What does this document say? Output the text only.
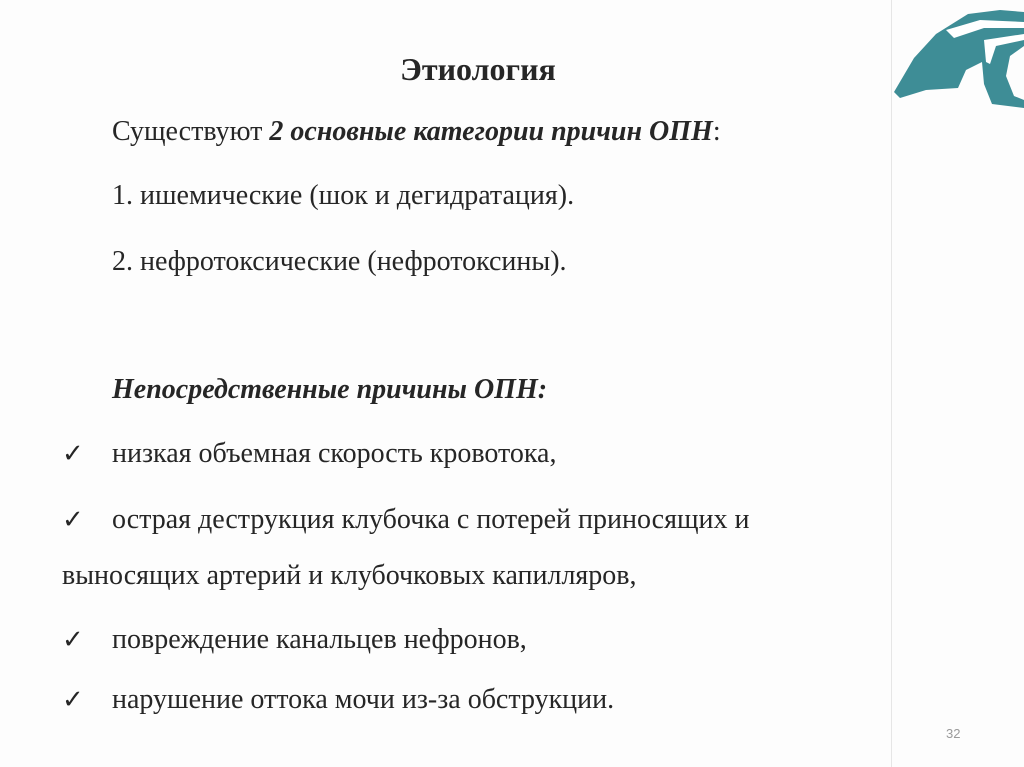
Этиология

Существуют 2 основные категории причин ОПН:

1. ишемические (шок и дегидратация).

2. нефротоксические (нефротоксины).

Непосредственные причины ОПН:

✓ низкая объемная скорость кровотока,

✓ острая деструкция клубочка с потерей приносящих и

выносящих артерий и клубочковых капилляров,

✓ повреждение канальцев нефронов,

✓ нарушение оттока мочи из-за обструкции.

32
